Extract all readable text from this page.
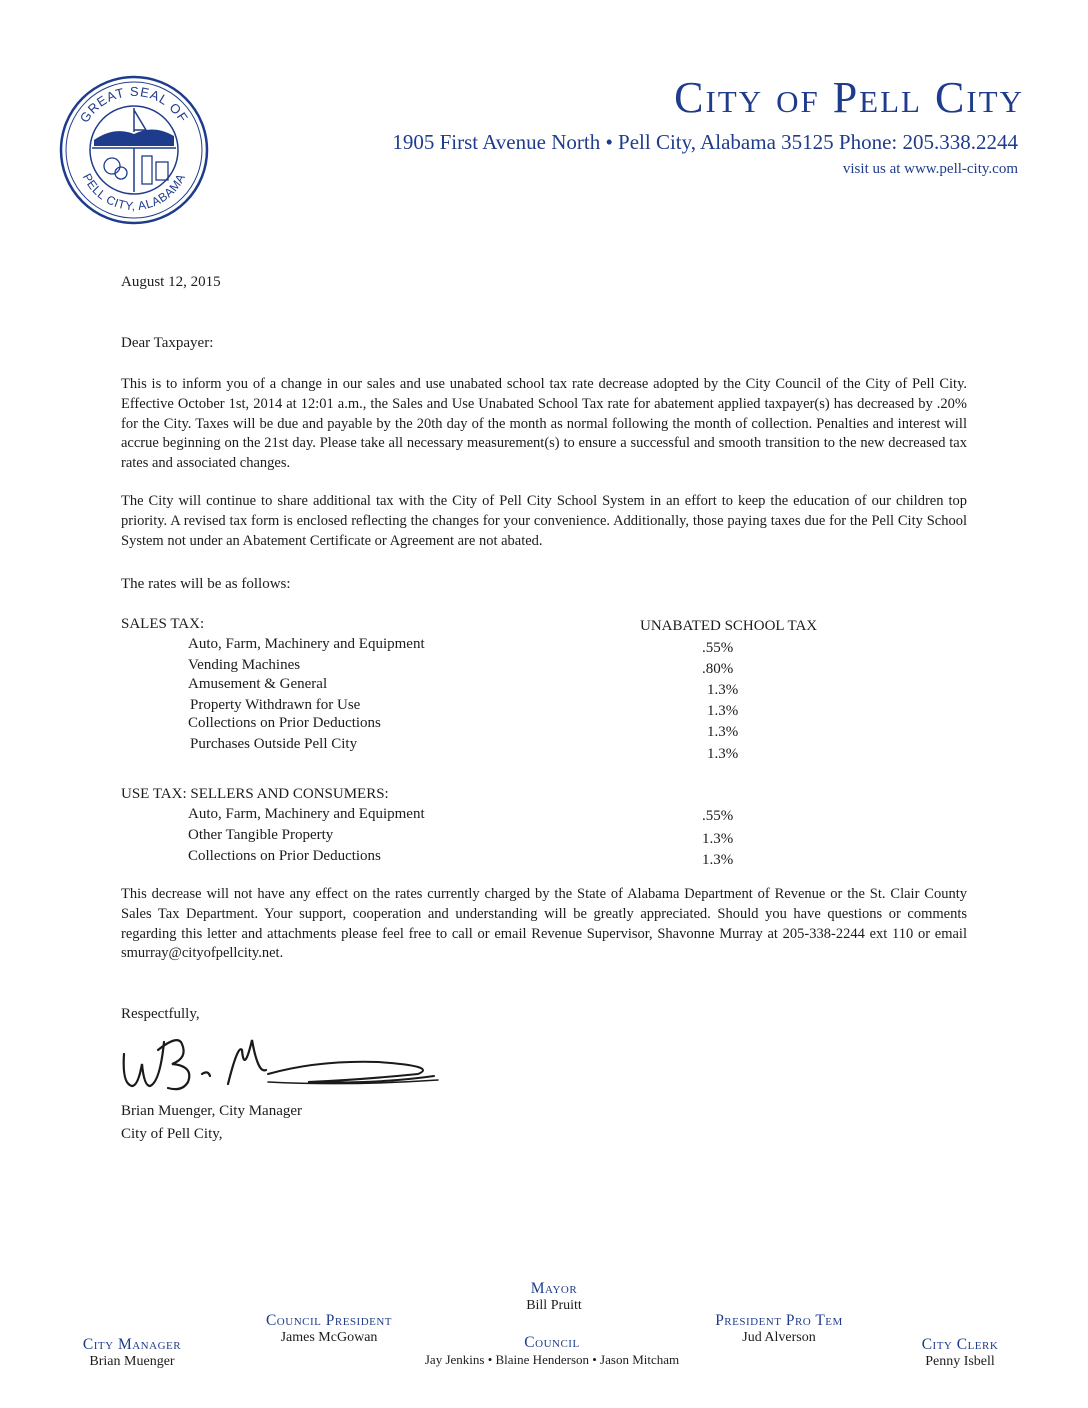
GREAT SEAL OF
PELL CITY, ALABAMA
City of Pell City
1905 First Avenue North • Pell City, Alabama 35125 Phone: 205.338.2244
visit us at www.pell-city.com
August 12, 2015
Dear Taxpayer:
This is to inform you of a change in our sales and use unabated school tax rate decrease adopted by the City Council of the City of Pell City. Effective October 1st, 2014 at 12:01 a.m., the Sales and Use Unabated School Tax rate for abatement applied taxpayer(s) has decreased by .20% for the City. Taxes will be due and payable by the 20th day of the month as normal following the month of collection. Penalties and interest will accrue beginning on the 21st day. Please take all necessary measurement(s) to ensure a successful and smooth transition to the new decreased tax rates and associated changes.
The City will continue to share additional tax with the City of Pell City School System in an effort to keep the education of our children top priority. A revised tax form is enclosed reflecting the changes for your convenience. Additionally, those paying taxes due for the Pell City School System not under an Abatement Certificate or Agreement are not abated.
The rates will be as follows:
SALES TAX:	UNABATED SCHOOL TAX
Auto, Farm, Machinery and Equipment
Vending Machines
Amusement & General
Property Withdrawn for Use
Collections on Prior Deductions
Purchases Outside Pell City
.55%
.80%
1.3%
1.3%
1.3%
1.3%
USE TAX: SELLERS AND CONSUMERS:
Auto, Farm, Machinery and Equipment
Other Tangible Property
Collections on Prior Deductions
.55%
1.3%
1.3%
This decrease will not have any effect on the rates currently charged by the State of Alabama Department of Revenue or the St. Clair County Sales Tax Department. Your support, cooperation and understanding will be greatly appreciated. Should you have questions or comments regarding this letter and attachments please feel free to call or email Revenue Supervisor, Shavonne Murray at 205-338-2244 ext 110 or email smurray@cityofpellcity.net.
Respectfully,
Brian Muenger, City Manager
City of Pell City,
Mayor
Bill Pruitt
Council President
James McGowan
President Pro Tem
Jud Alverson
City Manager
Brian Muenger
Council
Jay Jenkins • Blaine Henderson • Jason Mitcham
City Clerk
Penny Isbell
